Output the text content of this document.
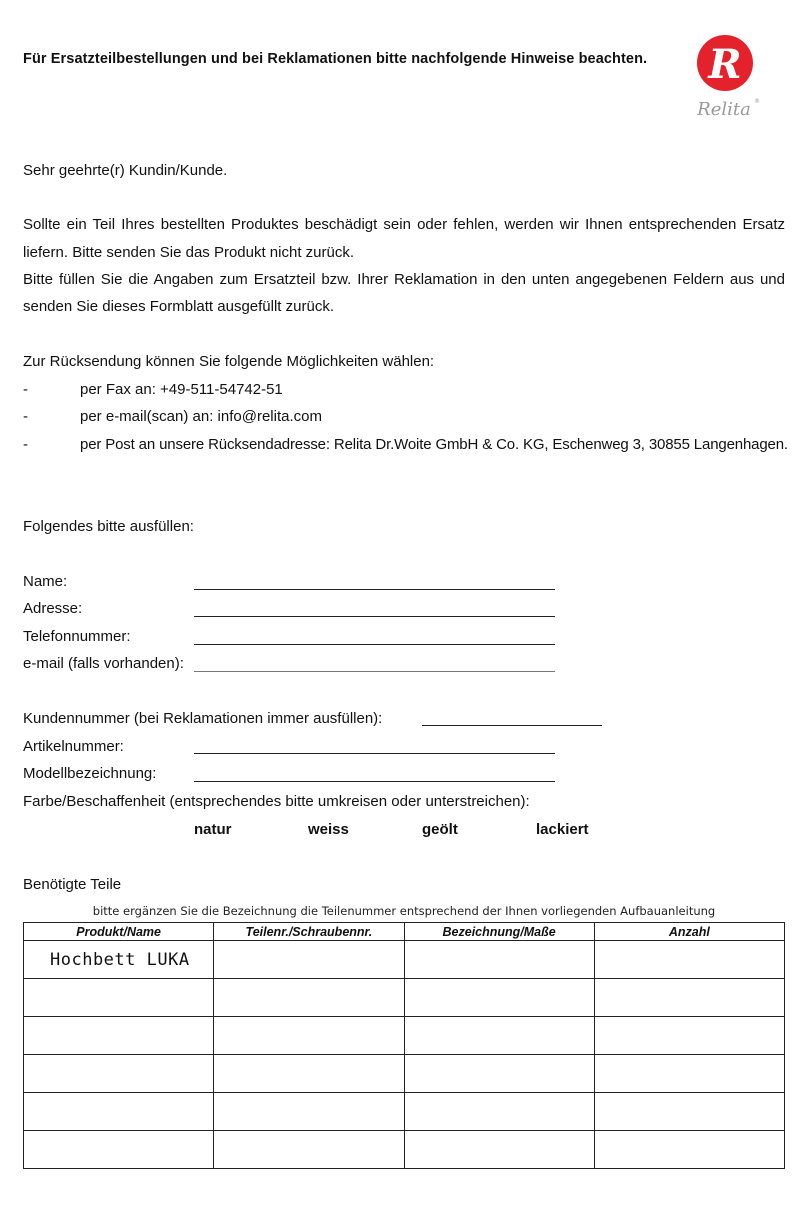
Für Ersatzteilbestellungen und bei Reklamationen bitte nachfolgende Hinweise beachten. R
Relita ®
Sehr geehrte(r) Kundin/Kunde.
Sollte ein Teil Ihres bestellten Produktes beschädigt sein oder fehlen, werden wir Ihnen entsprechenden Ersatz
liefern. Bitte senden Sie das Produkt nicht zurück.
Bitte füllen Sie die Angaben zum Ersatzteil bzw. Ihrer Reklamation in den unten angegebenen Feldern aus und
senden Sie dieses Formblatt ausgefüllt zurück.
Zur Rücksendung können Sie folgende Möglichkeiten wählen:
-	per Fax an: +49-511-54742-51
-	per e-mail(scan) an: info@relita.com
-	per Post an unsere Rücksendadresse: Relita Dr.Woite GmbH & Co. KG, Eschenweg 3, 30855 Langenhagen.
Folgendes bitte ausfüllen:
Name:
Adresse:
Telefonnummer:
e-mail (falls vorhanden):
Kundennummer (bei Reklamationen immer ausfüllen):
Artikelnummer:
Modellbezeichnung:
Farbe/Beschaffenheit (entsprechendes bitte umkreisen oder unterstreichen):
natur	weiss	geölt	lackiert
Benötigte Teile
bitte ergänzen Sie die Bezeichnung die Teilenummer entsprechend der Ihnen vorliegenden Aufbauanleitung
Produkt/Name	Teilenr./Schraubennr.	Bezeichnung/Maße	Anzahl
Hochbett LUKA			
